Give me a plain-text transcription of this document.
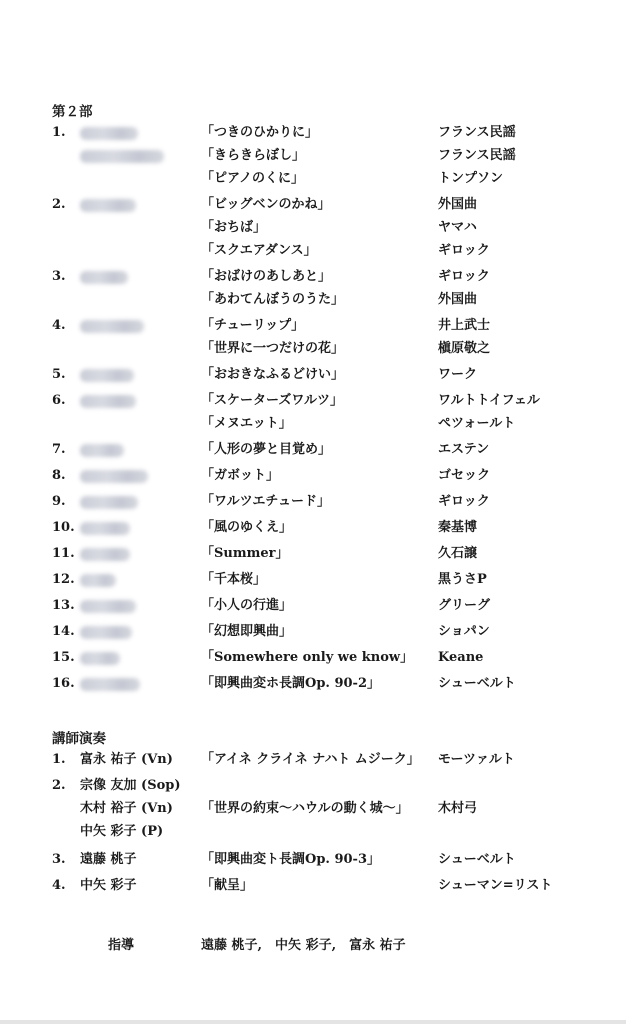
第２部
1.	「つきのひかりに」	フランス民謡
「きらきらぼし」	フランス民謡
「ピアノのくに」	トンプソン
2.	「ビッグベンのかね」	外国曲
「おちば」	ヤマハ
「スクエアダンス」	ギロック
3.	「おばけのあしあと」	ギロック
「あわてんぼうのうた」	外国曲
4.	「チューリップ」	井上武士
「世界に一つだけの花」	槇原敬之
5.	「おおきなふるどけい」	ワーク
6.	「スケーターズワルツ」	ワルトトイフェル
「メヌエット」	ペツォールト
7.	「人形の夢と目覚め」	エステン
8.	「ガボット」	ゴセック
9.	「ワルツエチュード」	ギロック
10.	「風のゆくえ」	秦基博
11.	「Summer」	久石譲
12.	「千本桜」	黒うさP
13.	「小人の行進」	グリーグ
14.	「幻想即興曲」	ショパン
15.	「Somewhere only we know」 Keane
16.	「即興曲変ホ長調Op. 90-2」	シューベルト
講師演奏
1. 富永 祐子 (Vn) 「アイネ クライネ ナハト ムジーク」 モーツァルト
2. 宗像 友加 (Sop)
木村 裕子 (Vn) 「世界の約束～ハウルの動く城～」 木村弓
中矢 彩子 (P)
3. 遠藤 桃子	「即興曲変ト長調Op. 90-3」	シューベルト
4. 中矢 彩子	「献呈」	シューマン=リスト
指導	遠藤 桃子,　中矢 彩子,　富永 祐子
